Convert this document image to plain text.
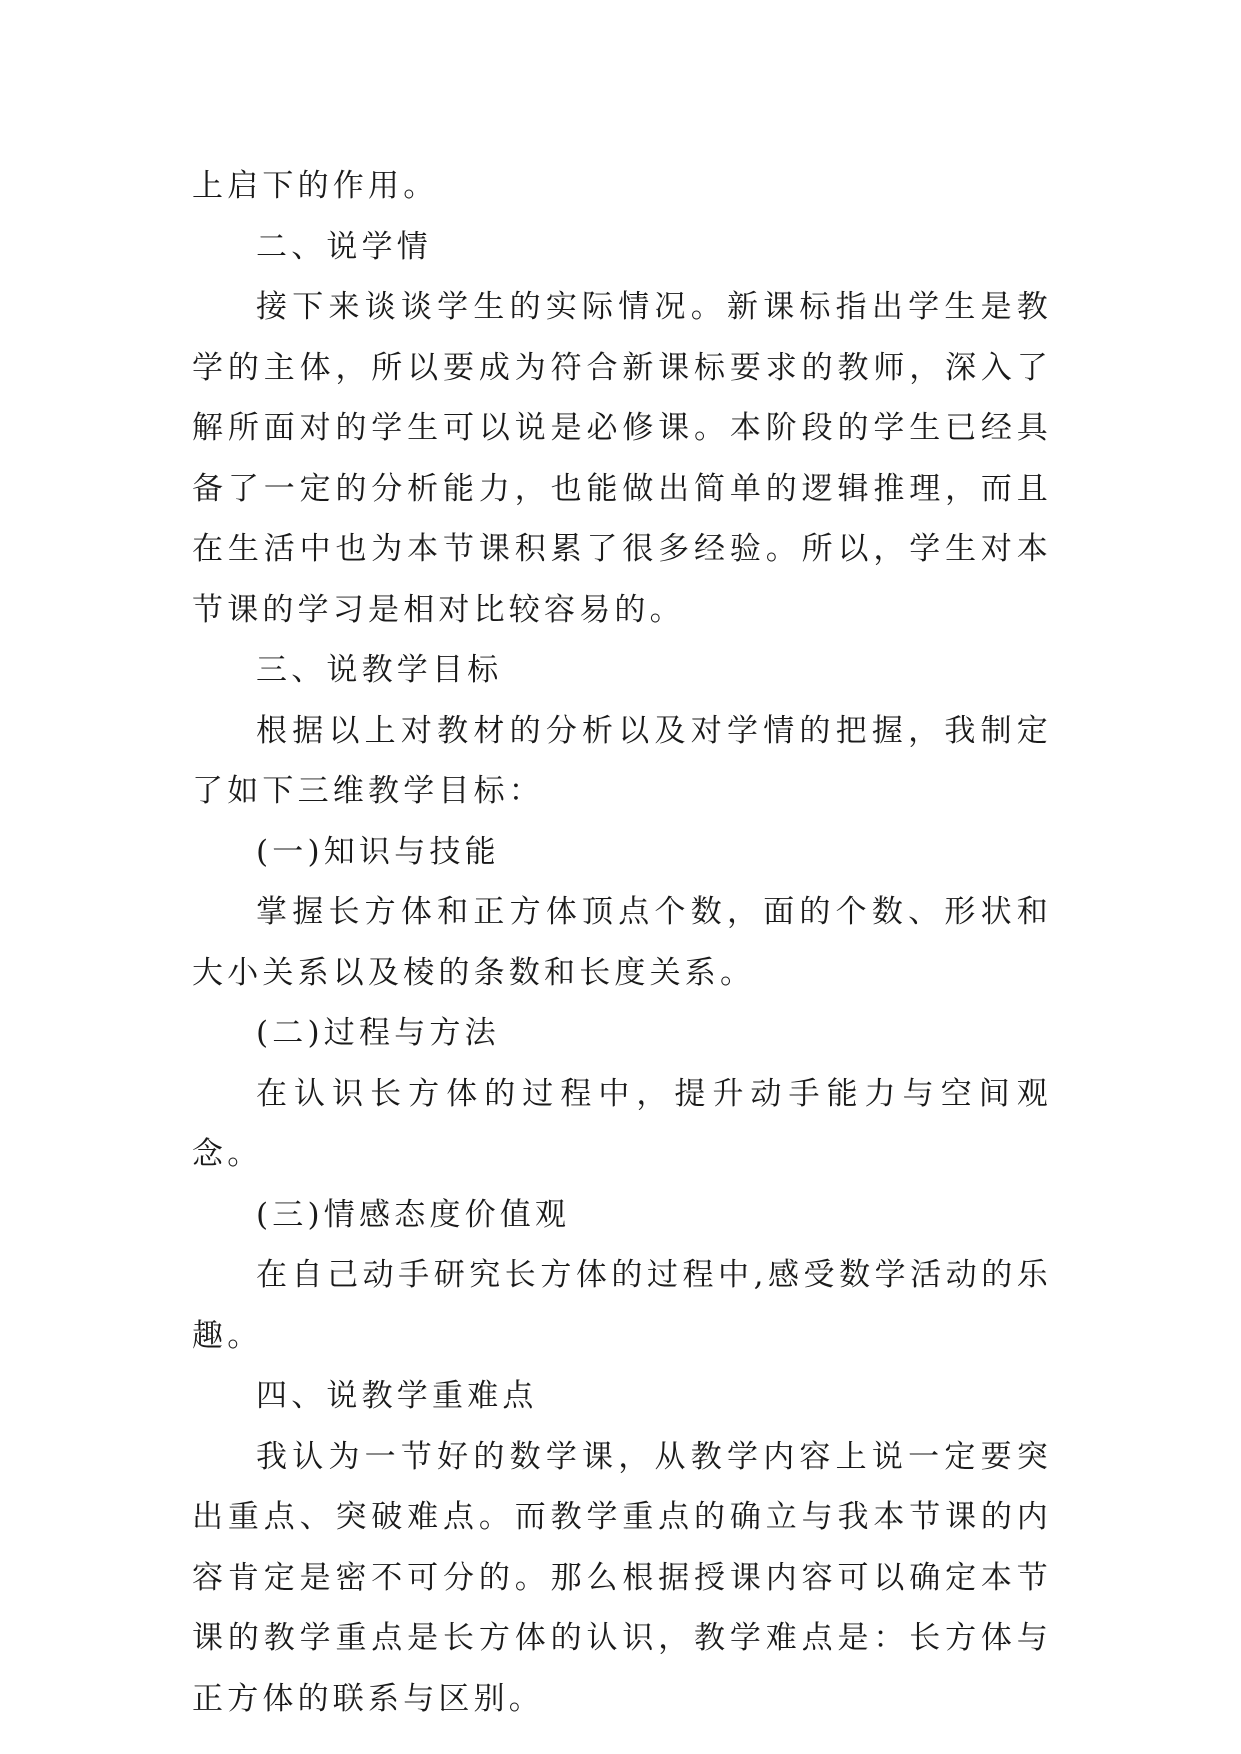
上启下的作用。

二、说学情

接下来谈谈学生的实际情况。新课标指出学生是教学的主体，所以要成为符合新课标要求的教师，深入了解所面对的学生可以说是必修课。本阶段的学生已经具备了一定的分析能力，也能做出简单的逻辑推理，而且在生活中也为本节课积累了很多经验。所以，学生对本节课的学习是相对比较容易的。

三、说教学目标

根据以上对教材的分析以及对学情的把握，我制定了如下三维教学目标：

(一)知识与技能

掌握长方体和正方体顶点个数，面的个数、形状和大小关系以及棱的条数和长度关系。

(二)过程与方法

在认识长方体的过程中，提升动手能力与空间观念。

(三)情感态度价值观

在自己动手研究长方体的过程中,感受数学活动的乐趣。

四、说教学重难点

我认为一节好的数学课，从教学内容上说一定要突出重点、突破难点。而教学重点的确立与我本节课的内容肯定是密不可分的。那么根据授课内容可以确定本节课的教学重点是长方体的认识，教学难点是：长方体与正方体的联系与区别。
